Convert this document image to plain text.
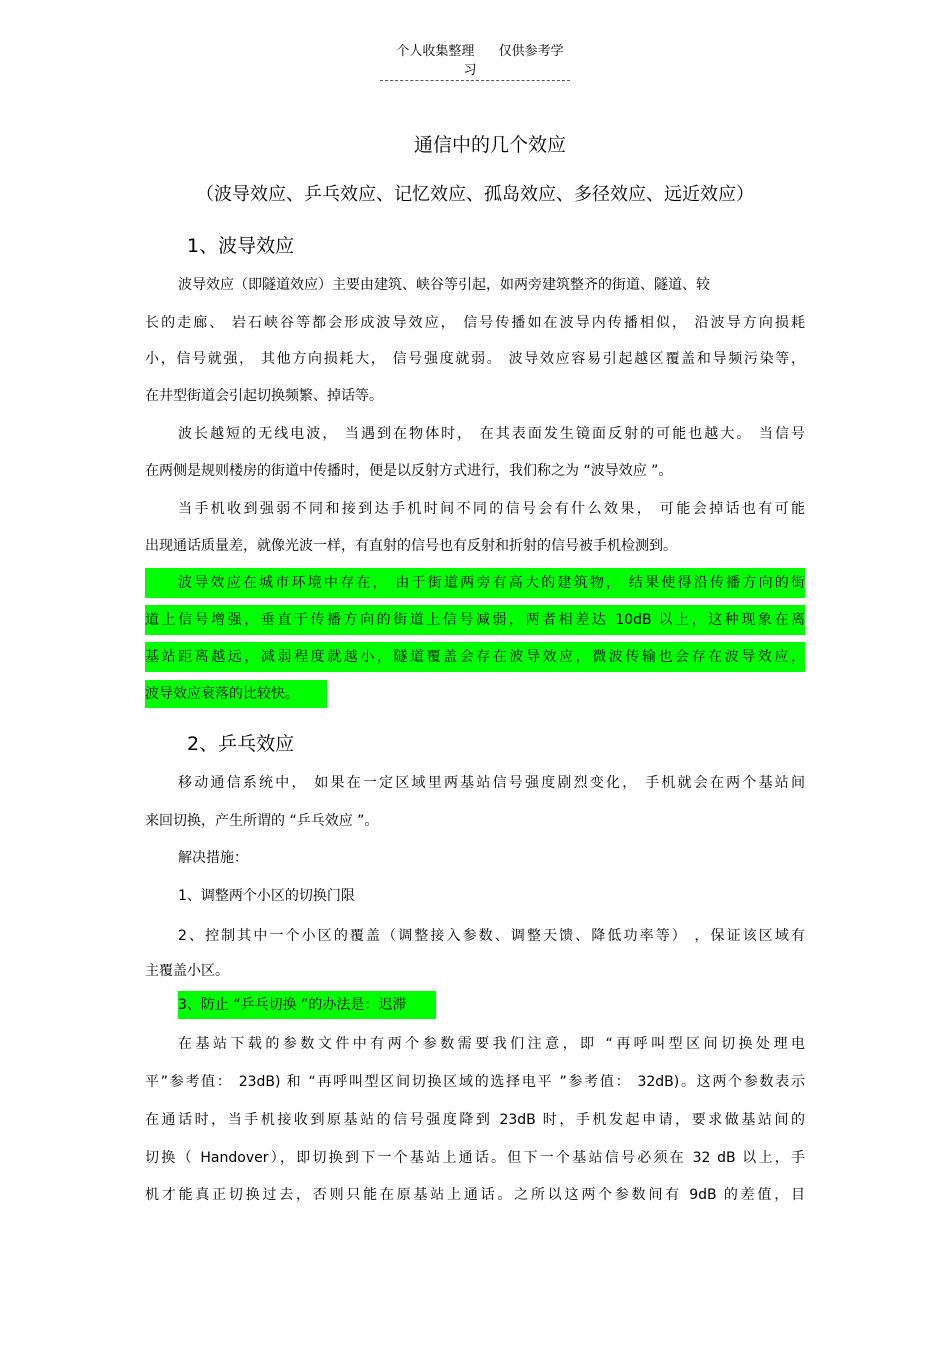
个人收集整理 仅供参考学习
通信中的几个效应
（波导效应、乒乓效应、记忆效应、孤岛效应、多径效应、远近效应）
1、波导效应
波导效应（即隧道效应）主要由建筑、峡谷等引起，如两旁建筑整齐的街道、隧道、较
长的走廊、 岩石峡谷等都会形成波导效应， 信号传播如在波导内传播相似， 沿波导方向损耗
小，信号就强， 其他方向损耗大， 信号强度就弱。 波导效应容易引起越区覆盖和导频污染等，
在井型街道会引起切换频繁、掉话等。
波长越短的无线电波， 当遇到在物体时， 在其表面发生镜面反射的可能也越大。 当信号
在两侧是规则楼房的街道中传播时，便是以反射方式进行，我们称之为 “波导效应 ”。
当手机收到强弱不同和接到达手机时间不同的信号会有什么效果， 可能会掉话也有可能
出现通话质量差，就像光波一样，有直射的信号也有反射和折射的信号被手机检测到。
波导效应在城市环境中存在， 由于街道两旁有高大的建筑物， 结果使得沿传播方向的街
道上信号增强，垂直于传播方向的街道上信号减弱，两者相差达 10dB 以上，这种现象在离
基站距离越远，减弱程度就越小，隧道覆盖会存在波导效应，微波传输也会存在波导效应，
波导效应衰落的比较快。
2、乒乓效应
移动通信系统中， 如果在一定区域里两基站信号强度剧烈变化， 手机就会在两个基站间
来回切换，产生所谓的 “乒乓效应 ”。
解决措施：
1、调整两个小区的切换门限
2、控制其中一个小区的覆盖（调整接入参数、调整天馈、降低功率等） ，保证该区域有
主覆盖小区。
3、防止 “乒乓切换 ”的办法是：迟滞
在基站下载的参数文件中有两个参数需要我们注意，即 “再呼叫型区间切换处理电
平”参考值： 23dB) 和 “再呼叫型区间切换区域的选择电平 ”参考值： 32dB)。这两个参数表示
在通话时，当手机接收到原基站的信号强度降到 23dB 时，手机发起申请，要求做基站间的
切换（ Handover），即切换到下一个基站上通话。但下一个基站信号必须在 32 dB 以上，手
机才能真正切换过去，否则只能在原基站上通话。之所以这两个参数间有 9dB 的差值，目
